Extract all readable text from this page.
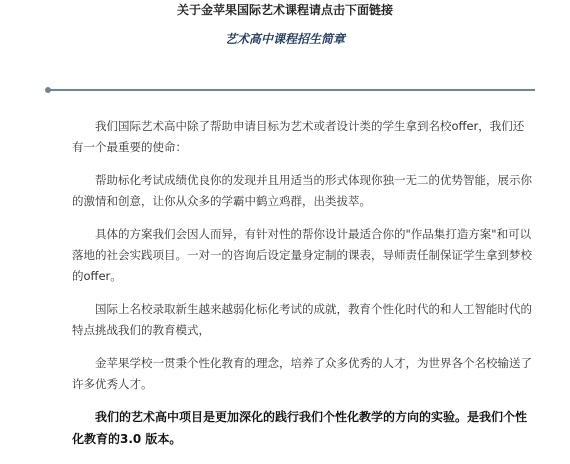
关于金苹果国际艺术课程请点击下面链接
艺术高中课程招生简章

我们国际艺术高中除了帮助申请目标为艺术或者设计类的学生拿到名校offer，我们还有一个最重要的使命：

帮助标化考试成绩优良你的发现并且用适当的形式体现你独一无二的优势智能，展示你的激情和创意，让你从众多的学霸中鹤立鸡群，出类拔萃。

具体的方案我们会因人而异，有针对性的帮你设计最适合你的"作品集打造方案"和可以落地的社会实践项目。一对一的咨询后设定量身定制的课表，导师责任制保证学生拿到梦校的offer。

国际上名校录取新生越来越弱化标化考试的成就，教育个性化时代的和人工智能时代的特点挑战我们的教育模式，

金苹果学校一贯秉个性化教育的理念，培养了众多优秀的人才，为世界各个名校输送了许多优秀人才。

我们的艺术高中项目是更加深化的践行我们个性化教学的方向的实验。是我们个性化教育的3.0 版本。
